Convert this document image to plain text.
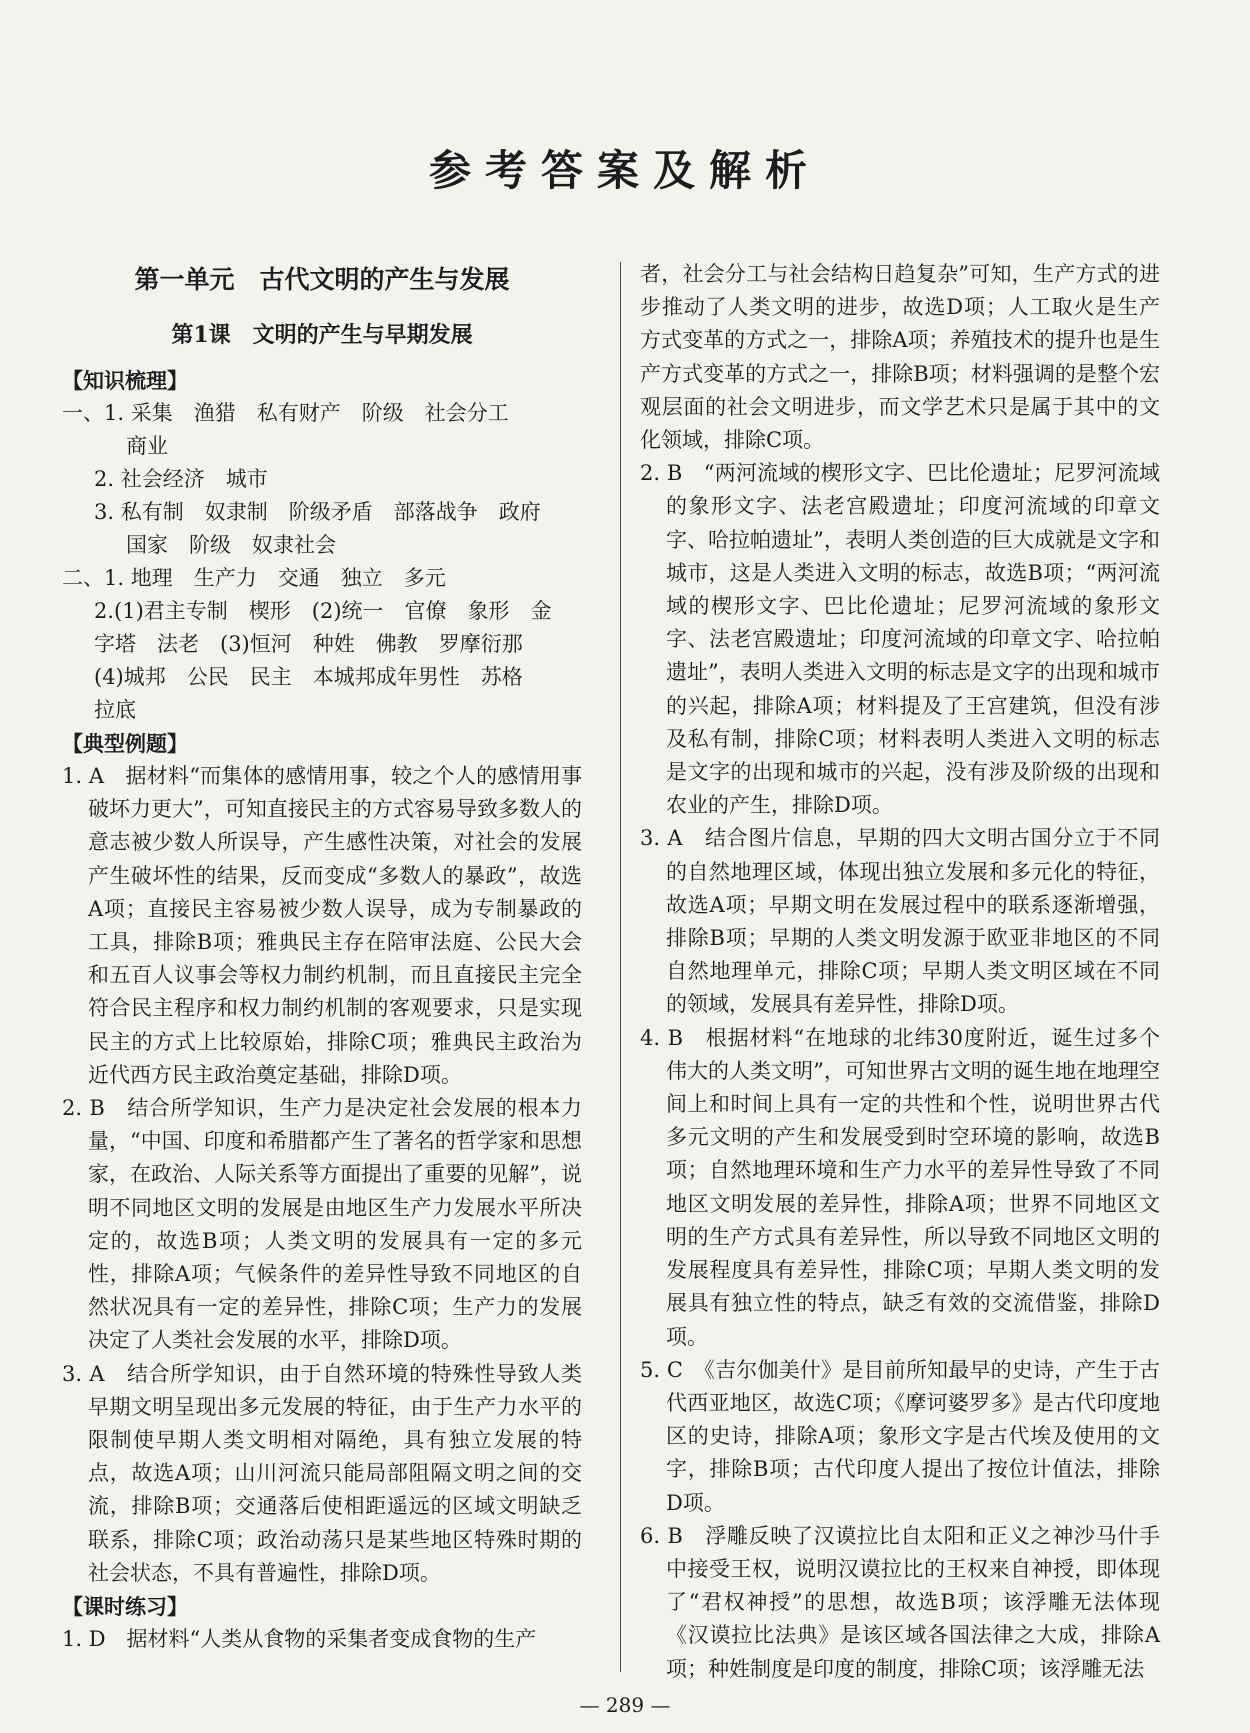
参考答案及解析
第一单元　古代文明的产生与发展
第1课　文明的产生与早期发展
【知识梳理】
一、1. 采集　渔猎　私有财产　阶级　社会分工
商业
2. 社会经济　城市
3. 私有制　奴隶制　阶级矛盾　部落战争　政府
国家　阶级　奴隶社会
二、1. 地理　生产力　交通　独立　多元
2.(1)君主专制　楔形　(2)统一　官僚　象形　金
字塔　法老　(3)恒河　种姓　佛教　罗摩衍那
(4)城邦　公民　民主　本城邦成年男性　苏格
拉底
【典型例题】

1. A　据材料“而集体的感情用事，较之个人的感情用事破坏力更大”，可知直接民主的方式容易导致多数人的意志被少数人所误导，产生感性决策，对社会的发展产生破坏性的结果，反而变成“多数人的暴政”，故选A项；直接民主容易被少数人误导，成为专制暴政的工具，排除B项；雅典民主存在陪审法庭、公民大会和五百人议事会等权力制约机制，而且直接民主完全符合民主程序和权力制约机制的客观要求，只是实现民主的方式上比较原始，排除C项；雅典民主政治为近代西方民主政治奠定基础，排除D项。

2. B　结合所学知识，生产力是决定社会发展的根本力量，“中国、印度和希腊都产生了著名的哲学家和思想家，在政治、人际关系等方面提出了重要的见解”，说明不同地区文明的发展是由地区生产力发展水平所决定的，故选B项；人类文明的发展具有一定的多元性，排除A项；气候条件的差异性导致不同地区的自然状况具有一定的差异性，排除C项；生产力的发展决定了人类社会发展的水平，排除D项。

3. A　结合所学知识，由于自然环境的特殊性导致人类早期文明呈现出多元发展的特征，由于生产力水平的限制使早期人类文明相对隔绝，具有独立发展的特点，故选A项；山川河流只能局部阻隔文明之间的交流，排除B项；交通落后使相距遥远的区域文明缺乏联系，排除C项；政治动荡只是某些地区特殊时期的社会状态，不具有普遍性，排除D项。

【课时练习】

1. D　据材料“人类从食物的采集者变成食物的生产

者，社会分工与社会结构日趋复杂”可知，生产方式的进步推动了人类文明的进步，故选D项；人工取火是生产方式变革的方式之一，排除A项；养殖技术的提升也是生产方式变革的方式之一，排除B项；材料强调的是整个宏观层面的社会文明进步，而文学艺术只是属于其中的文化领域，排除C项。

2. B　“两河流域的楔形文字、巴比伦遗址；尼罗河流域的象形文字、法老宫殿遗址；印度河流域的印章文字、哈拉帕遗址”，表明人类创造的巨大成就是文字和城市，这是人类进入文明的标志，故选B项；“两河流域的楔形文字、巴比伦遗址；尼罗河流域的象形文字、法老宫殿遗址；印度河流域的印章文字、哈拉帕遗址”，表明人类进入文明的标志是文字的出现和城市的兴起，排除A项；材料提及了王宫建筑，但没有涉及私有制，排除C项；材料表明人类进入文明的标志是文字的出现和城市的兴起，没有涉及阶级的出现和农业的产生，排除D项。

3. A　结合图片信息，早期的四大文明古国分立于不同的自然地理区域，体现出独立发展和多元化的特征，故选A项；早期文明在发展过程中的联系逐渐增强，排除B项；早期的人类文明发源于欧亚非地区的不同自然地理单元，排除C项；早期人类文明区域在不同的领域，发展具有差异性，排除D项。

4. B　根据材料“在地球的北纬30度附近，诞生过多个伟大的人类文明”，可知世界古文明的诞生地在地理空间上和时间上具有一定的共性和个性，说明世界古代多元文明的产生和发展受到时空环境的影响，故选B项；自然地理环境和生产力水平的差异性导致了不同地区文明发展的差异性，排除A项；世界不同地区文明的生产方式具有差异性，所以导致不同地区文明的发展程度具有差异性，排除C项；早期人类文明的发展具有独立性的特点，缺乏有效的交流借鉴，排除D项。

5. C　《吉尔伽美什》是目前所知最早的史诗，产生于古代西亚地区，故选C项；《摩诃婆罗多》是古代印度地区的史诗，排除A项；象形文字是古代埃及使用的文字，排除B项；古代印度人提出了按位计值法，排除D项。

6. B　浮雕反映了汉谟拉比自太阳和正义之神沙马什手中接受王权，说明汉谟拉比的王权来自神授，即体现了“君权神授”的思想，故选B项；该浮雕无法体现《汉谟拉比法典》是该区域各国法律之大成，排除A项；种姓制度是印度的制度，排除C项；该浮雕无法

— 289 —
